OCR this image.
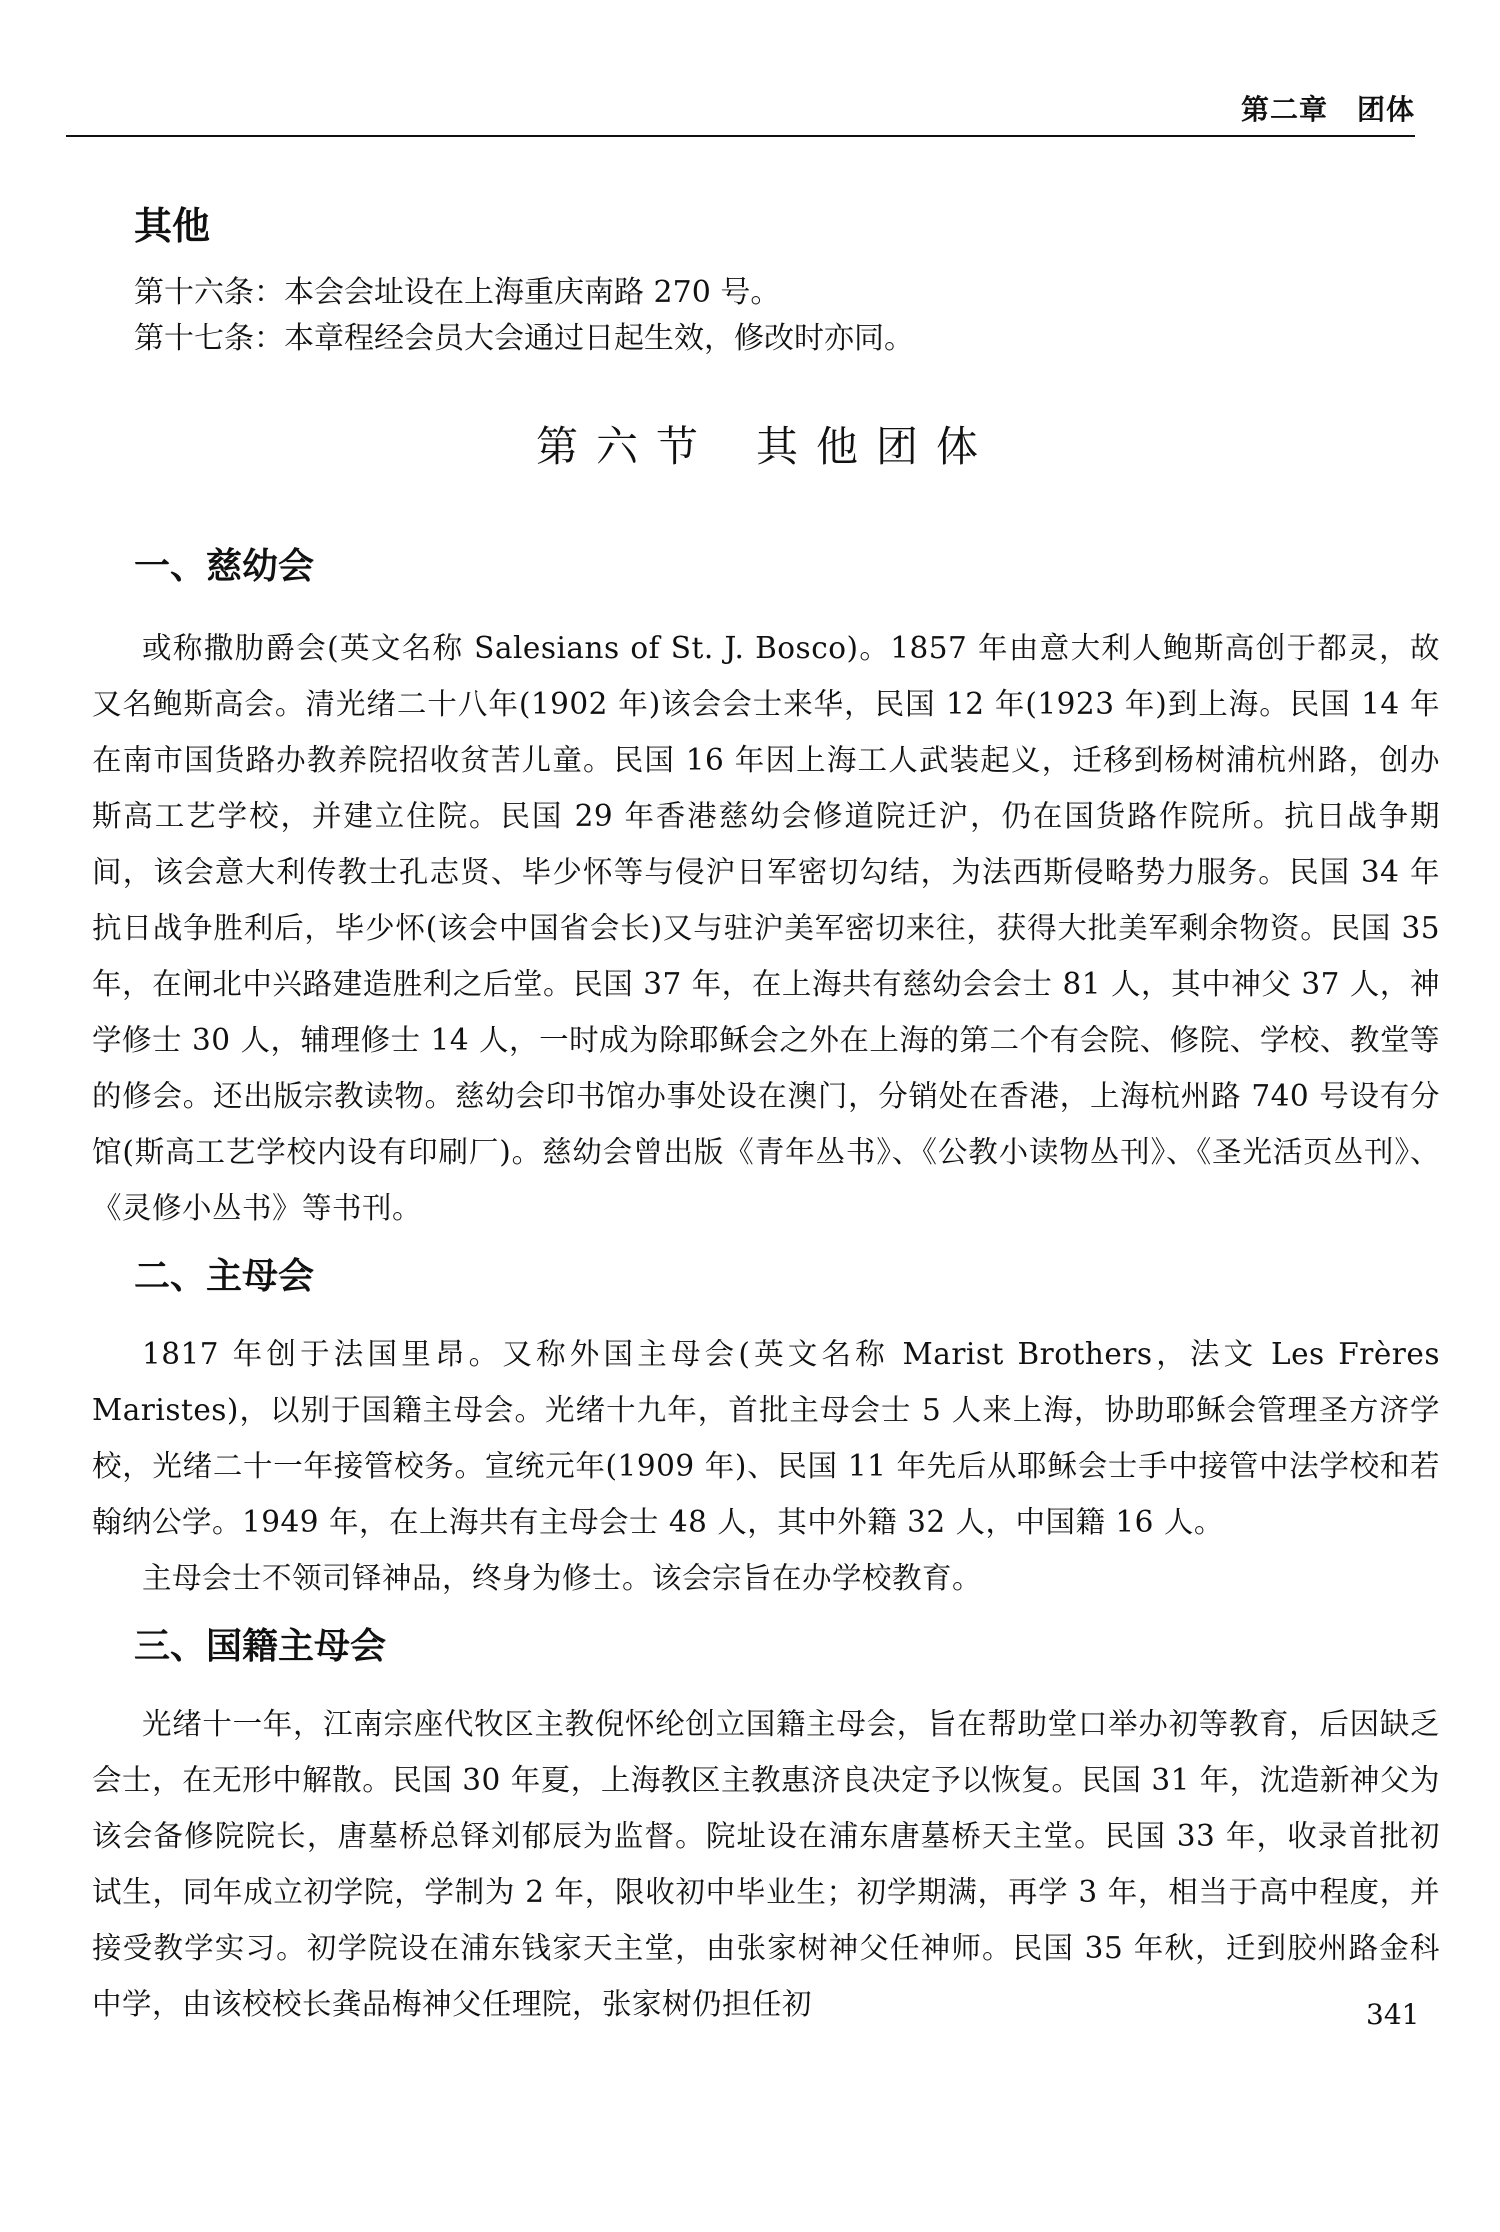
第二章　团体
其他

第十六条：本会会址设在上海重庆南路 270 号。

第十七条：本章程经会员大会通过日起生效，修改时亦同。

第六节 其他团体
一、慈幼会

或称撒肋爵会(英文名称 Salesians of St. J. Bosco)。1857 年由意大利人鲍斯高创于都灵，故又名鲍斯高会。清光绪二十八年(1902 年)该会会士来华，民国 12 年(1923 年)到上海。民国 14 年在南市国货路办教养院招收贫苦儿童。民国 16 年因上海工人武装起义，迁移到杨树浦杭州路，创办斯高工艺学校，并建立住院。民国 29 年香港慈幼会修道院迁沪，仍在国货路作院所。抗日战争期间，该会意大利传教士孔志贤、毕少怀等与侵沪日军密切勾结，为法西斯侵略势力服务。民国 34 年抗日战争胜利后，毕少怀(该会中国省会长)又与驻沪美军密切来往，获得大批美军剩余物资。民国 35 年，在闸北中兴路建造胜利之后堂。民国 37 年，在上海共有慈幼会会士 81 人，其中神父 37 人，神学修士 30 人，辅理修士 14 人，一时成为除耶稣会之外在上海的第二个有会院、修院、学校、教堂等的修会。还出版宗教读物。慈幼会印书馆办事处设在澳门，分销处在香港，上海杭州路 740 号设有分馆(斯高工艺学校内设有印刷厂)。慈幼会曾出版《青年丛书》、《公教小读物丛刊》、《圣光活页丛刊》、《灵修小丛书》等书刊。

二、主母会

1817 年创于法国里昂。又称外国主母会(英文名称 Marist Brothers，法文 Les Frères Maristes)，以别于国籍主母会。光绪十九年，首批主母会士 5 人来上海，协助耶稣会管理圣方济学校，光绪二十一年接管校务。宣统元年(1909 年)、民国 11 年先后从耶稣会士手中接管中法学校和若翰纳公学。1949 年，在上海共有主母会士 48 人，其中外籍 32 人，中国籍 16 人。

主母会士不领司铎神品，终身为修士。该会宗旨在办学校教育。

三、国籍主母会

光绪十一年，江南宗座代牧区主教倪怀纶创立国籍主母会，旨在帮助堂口举办初等教育，后因缺乏会士，在无形中解散。民国 30 年夏，上海教区主教惠济良决定予以恢复。民国 31 年，沈造新神父为该会备修院院长，唐墓桥总铎刘郁辰为监督。院址设在浦东唐墓桥天主堂。民国 33 年，收录首批初试生，同年成立初学院，学制为 2 年，限收初中毕业生；初学期满，再学 3 年，相当于高中程度，并接受教学实习。初学院设在浦东钱家天主堂，由张家树神父任神师。民国 35 年秋，迁到胶州路金科中学，由该校校长龚品梅神父任理院，张家树仍担任初	341
